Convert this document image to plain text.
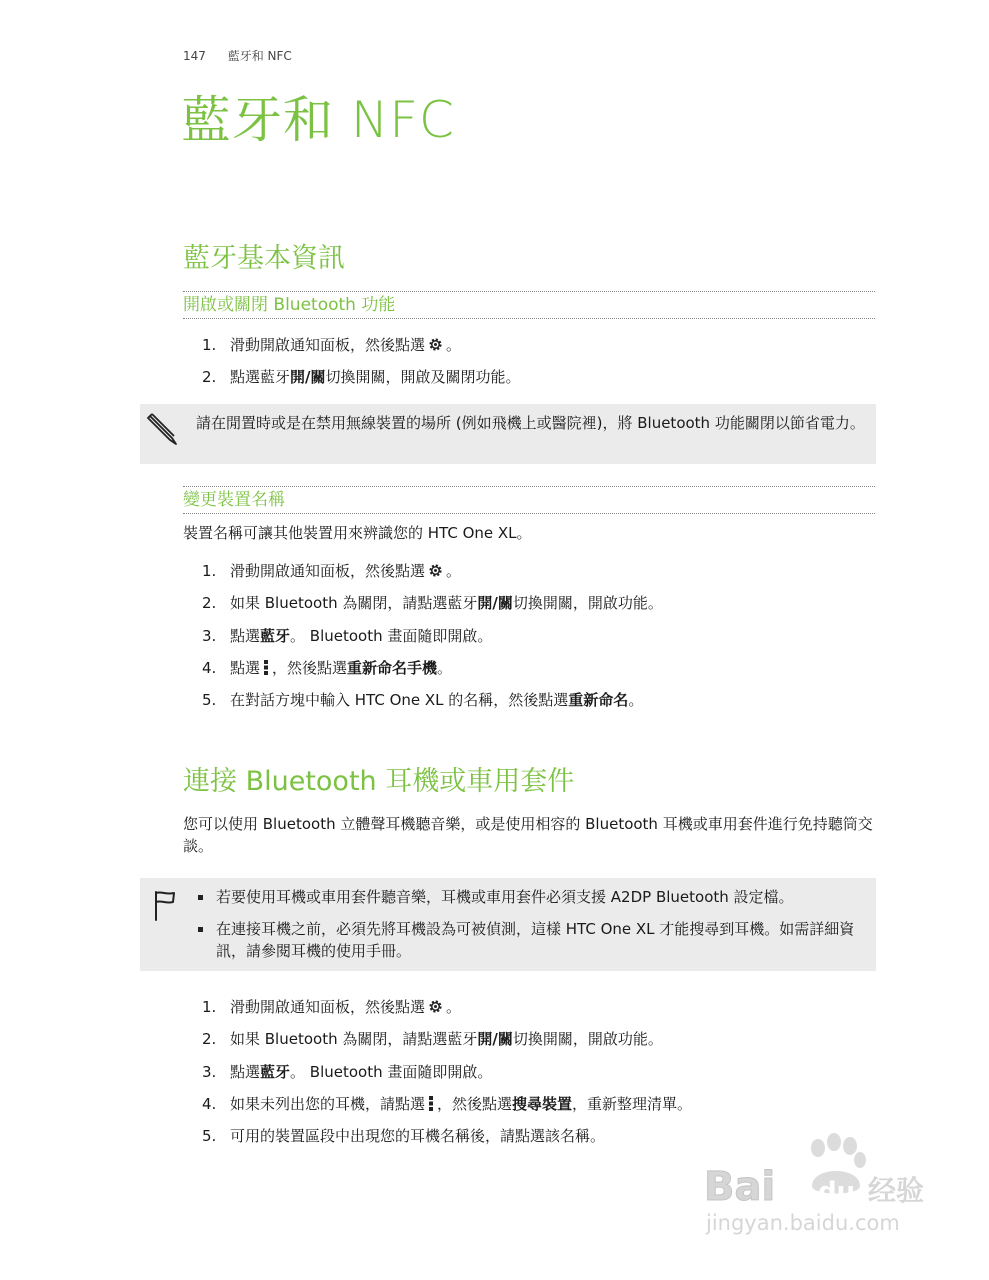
147 藍牙和 NFC
藍牙和 NFC
藍牙基本資訊
開啟或關閉 Bluetooth 功能
1. 滑動開啟通知面板，然後點選 。
2. 點選藍牙開/關切換開關，開啟及關閉功能。
請在閒置時或是在禁用無線裝置的場所 (例如飛機上或醫院裡)，將 Bluetooth 功能關閉以節省電力。
變更裝置名稱
裝置名稱可讓其他裝置用來辨識您的 HTC One XL。
1. 滑動開啟通知面板，然後點選 。
2. 如果 Bluetooth 為關閉，請點選藍牙開/關切換開關，開啟功能。
3. 點選藍牙。 Bluetooth 畫面隨即開啟。
4. 點選 ，然後點選重新命名手機。
5. 在對話方塊中輸入 HTC One XL 的名稱，然後點選重新命名。
連接 Bluetooth 耳機或車用套件
您可以使用 Bluetooth 立體聲耳機聽音樂，或是使用相容的 Bluetooth 耳機或車用套件進行免持聽筒交談。
若要使用耳機或車用套件聽音樂，耳機或車用套件必須支援 A2DP Bluetooth 設定檔。
在連接耳機之前，必須先將耳機設為可被偵測，這樣 HTC One XL 才能搜尋到耳機。如需詳細資訊，請參閱耳機的使用手冊。
1. 滑動開啟通知面板，然後點選 。
2. 如果 Bluetooth 為關閉，請點選藍牙開/關切換開關，開啟功能。
3. 點選藍牙。 Bluetooth 畫面隨即開啟。
4. 如果未列出您的耳機，請點選 ，然後點選搜尋裝置，重新整理清單。
5. 可用的裝置區段中出現您的耳機名稱後，請點選該名稱。
Bai du 经验
jingyan.baidu.com
